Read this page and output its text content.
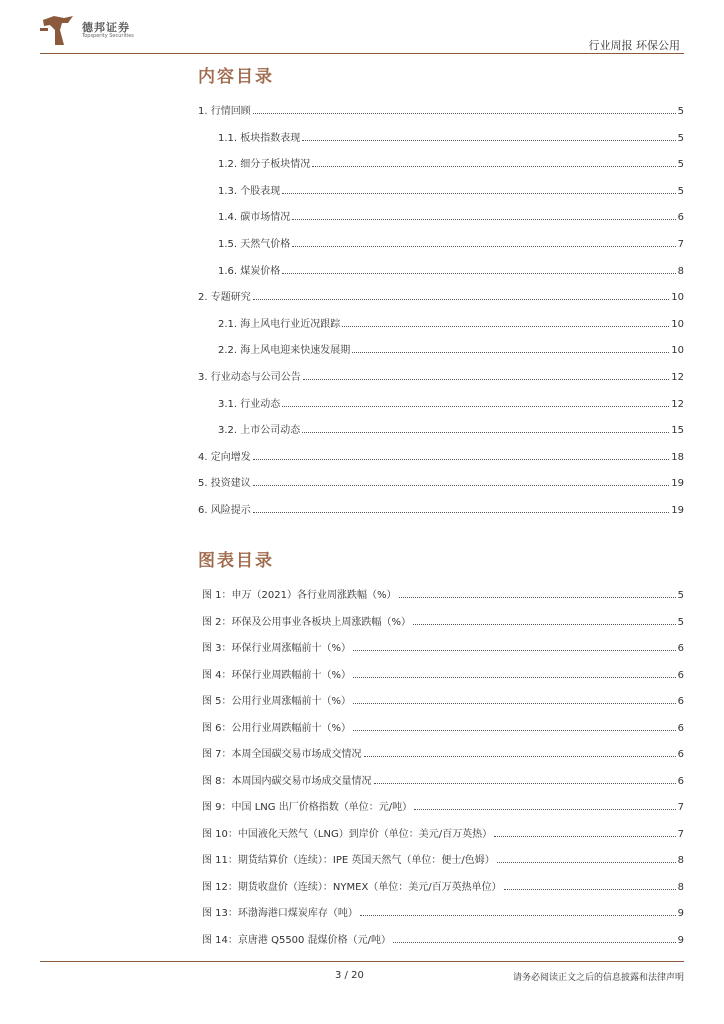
德邦证券
Topsperity Securities
行业周报 环保公用
内容目录
1. 行情回顾	5
1.1. 板块指数表现	5
1.2. 细分子板块情况	5
1.3. 个股表现	5
1.4. 碳市场情况	6
1.5. 天然气价格	7
1.6. 煤炭价格	8
2. 专题研究	10
2.1. 海上风电行业近况跟踪	10
2.2. 海上风电迎来快速发展期	10
3. 行业动态与公司公告	12
3.1. 行业动态	12
3.2. 上市公司动态	15
4. 定向增发	18
5. 投资建议	19
6. 风险提示	19
图表目录
图 1：申万（2021）各行业周涨跌幅（%）	5
图 2：环保及公用事业各板块上周涨跌幅（%）	5
图 3：环保行业周涨幅前十（%）	6
图 4：环保行业周跌幅前十（%）	6
图 5：公用行业周涨幅前十（%）	6
图 6：公用行业周跌幅前十（%）	6
图 7：本周全国碳交易市场成交情况	6
图 8：本周国内碳交易市场成交量情况	6
图 9：中国 LNG 出厂价格指数（单位：元/吨）	7
图 10：中国液化天然气（LNG）到岸价（单位：美元/百万英热）	7
图 11：期货结算价（连续）：IPE 英国天然气（单位：便士/色姆）	8
图 12：期货收盘价（连续）：NYMEX（单位：美元/百万英热单位）	8
图 13：环渤海港口煤炭库存（吨）	9
图 14：京唐港 Q5500 混煤价格（元/吨）	9
3 / 20	请务必阅读正文之后的信息披露和法律声明
